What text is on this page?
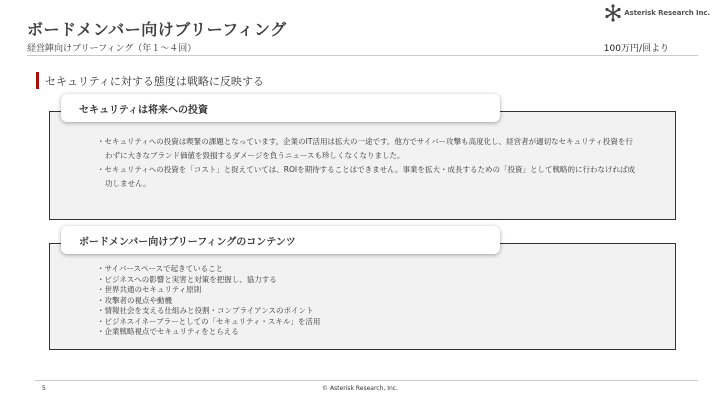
ボードメンバー向けブリーフィング
経営陣向けブリーフィング（年１～４回）	100万円/回より
Asterisk Research Inc.
セキュリティに対する態度は戦略に反映する
セキュリティは将来への投資
・ セキュリティへの投資は喫緊の課題となっています。企業のIT活用は拡大の一途です。他方でサイバー攻撃も高度化し、経営者が適切なセキュリティ投資を行わずに大きなブランド価値を毀損するダメージを負うニュースも珍しくなくなりました。
・ セキュリティへの投資を「コスト」と捉えていては、ROIを期待することはできません。事業を拡大・成長するための「投資」として戦略的に行わなければ成功しません。
ボードメンバー向けブリーフィングのコンテンツ
・ サイバースペースで起きていること
・ ビジネスへの影響と実害と対策を把握し、協力する
・ 世界共通のセキュリティ原則
・ 攻撃者の視点や動機
・ 情報社会を支える仕組みと役割・コンプライアンスのポイント
・ ビジネスイネーブラーとしての「セキュリティ・スキル」を活用
・ 企業戦略視点でセキュリティをとらえる
5	© Asterisk Research, Inc.
